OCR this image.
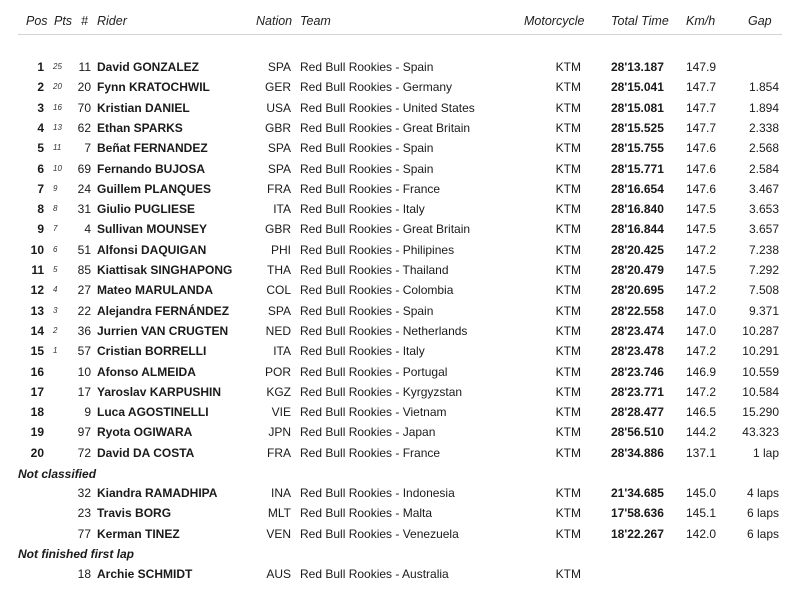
Pos Pts # Rider	Nation Team	Motorcycle Total Time Km/h	Gap
1 25	11 David GONZALEZ	SPA Red Bull Rookies - Spain	KTM	28'13.187 147.9
2 20	20 Fynn KRATOCHWIL	GER Red Bull Rookies - Germany	KTM	28'15.041 147.7	1.854
3 16	70 Kristian DANIEL	USA Red Bull Rookies - United States	KTM	28'15.081 147.7	1.894
4 13	62 Ethan SPARKS	GBR Red Bull Rookies - Great Britain	KTM	28'15.525 147.7	2.338
5 11	7 Beñat FERNANDEZ	SPA Red Bull Rookies - Spain	KTM	28'15.755 147.6	2.568
6 10	69 Fernando BUJOSA	SPA Red Bull Rookies - Spain	KTM	28'15.771 147.6	2.584
7 9	24 Guillem PLANQUES	FRA Red Bull Rookies - France	KTM	28'16.654 147.6	3.467
8 8	31 Giulio PUGLIESE	ITA Red Bull Rookies - Italy	KTM	28'16.840 147.5	3.653
9 7	4 Sullivan MOUNSEY	GBR Red Bull Rookies - Great Britain	KTM	28'16.844 147.5	3.657
10 6	51 Alfonsi DAQUIGAN	PHI Red Bull Rookies - Philipines	KTM	28'20.425 147.2	7.238
11 5	85 Kiattisak SINGHAPONG	THA Red Bull Rookies - Thailand	KTM	28'20.479 147.5	7.292
12 4	27 Mateo MARULANDA	COL Red Bull Rookies - Colombia	KTM	28'20.695 147.2	7.508
13 3	22 Alejandra FERNÁNDEZ	SPA Red Bull Rookies - Spain	KTM	28'22.558 147.0	9.371
14 2	36 Jurrien VAN CRUGTEN	NED Red Bull Rookies - Netherlands	KTM	28'23.474 147.0 10.287
15 1	57 Cristian BORRELLI	ITA Red Bull Rookies - Italy	KTM	28'23.478 147.2 10.291
16	10 Afonso ALMEIDA	POR Red Bull Rookies - Portugal	KTM	28'23.746 146.9 10.559
17	17 Yaroslav KARPUSHIN	KGZ Red Bull Rookies - Kyrgyzstan	KTM	28'23.771 147.2 10.584
18	9 Luca AGOSTINELLI	VIE Red Bull Rookies - Vietnam	KTM	28'28.477 146.5 15.290
19	97 Ryota OGIWARA	JPN Red Bull Rookies - Japan	KTM	28'56.510 144.2 43.323
20	72 David DA COSTA	FRA Red Bull Rookies - France	KTM	28'34.886 137.1	1 lap
Not classified
32 Kiandra RAMADHIPA	INA Red Bull Rookies - Indonesia	KTM	21'34.685 145.0	4 laps
23 Travis BORG	MLT Red Bull Rookies - Malta	KTM	17'58.636 145.1	6 laps
77 Kerman TINEZ	VEN Red Bull Rookies - Venezuela	KTM	18'22.267 142.0	6 laps
Not finished first lap
18 Archie SCHMIDT	AUS Red Bull Rookies - Australia	KTM
